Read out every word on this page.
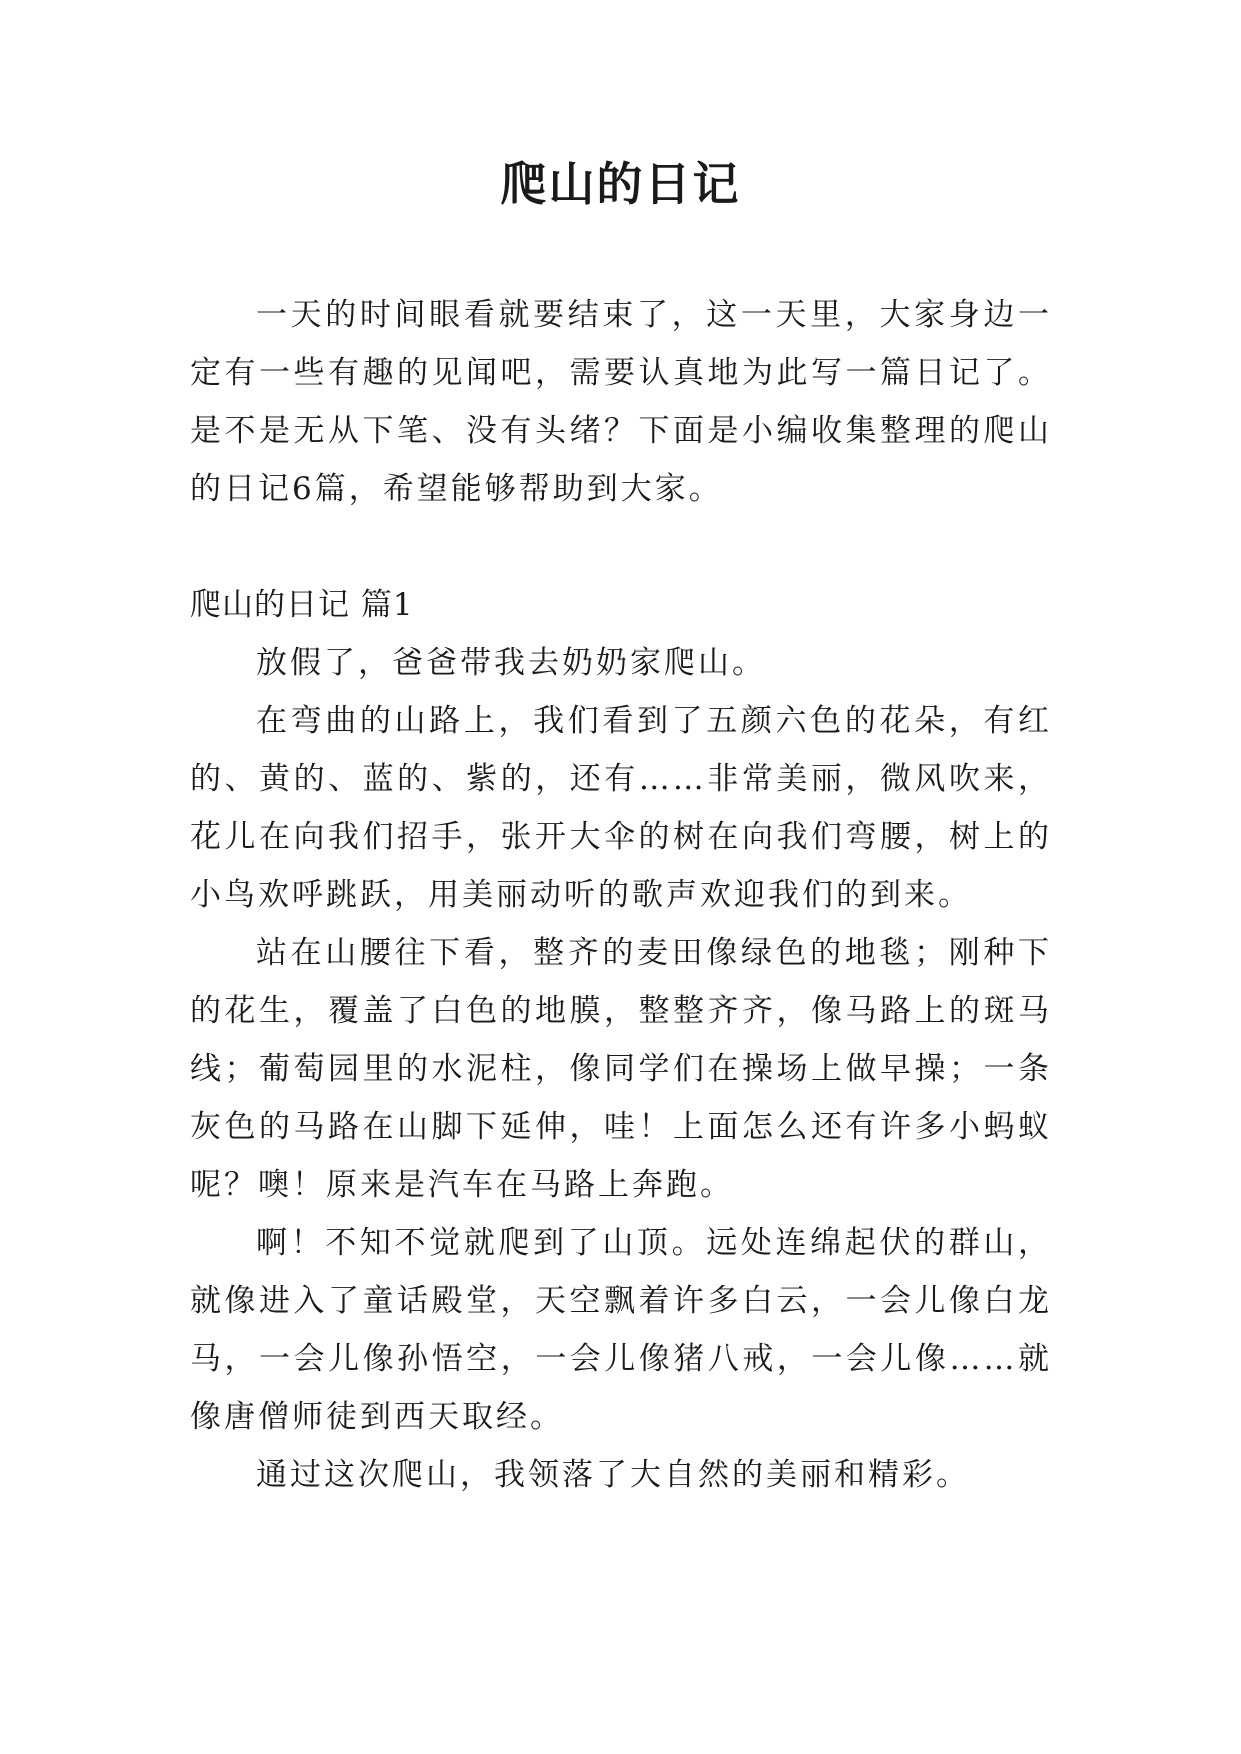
爬山的日记

一天的时间眼看就要结束了，这一天里，大家身边一定有一些有趣的见闻吧，需要认真地为此写一篇日记了。是不是无从下笔、没有头绪？下面是小编收集整理的爬山的日记6篇，希望能够帮助到大家。

爬山的日记 篇1

放假了，爸爸带我去奶奶家爬山。

在弯曲的山路上，我们看到了五颜六色的花朵，有红的、黄的、蓝的、紫的，还有……非常美丽，微风吹来，花儿在向我们招手，张开大伞的树在向我们弯腰，树上的小鸟欢呼跳跃，用美丽动听的歌声欢迎我们的到来。

站在山腰往下看，整齐的麦田像绿色的地毯；刚种下的花生，覆盖了白色的地膜，整整齐齐，像马路上的斑马线；葡萄园里的水泥柱，像同学们在操场上做早操；一条灰色的马路在山脚下延伸，哇！上面怎么还有许多小蚂蚁呢？噢！原来是汽车在马路上奔跑。

啊！不知不觉就爬到了山顶。远处连绵起伏的群山，就像进入了童话殿堂，天空飘着许多白云，一会儿像白龙马，一会儿像孙悟空，一会儿像猪八戒，一会儿像……就像唐僧师徒到西天取经。

通过这次爬山，我领落了大自然的美丽和精彩。
